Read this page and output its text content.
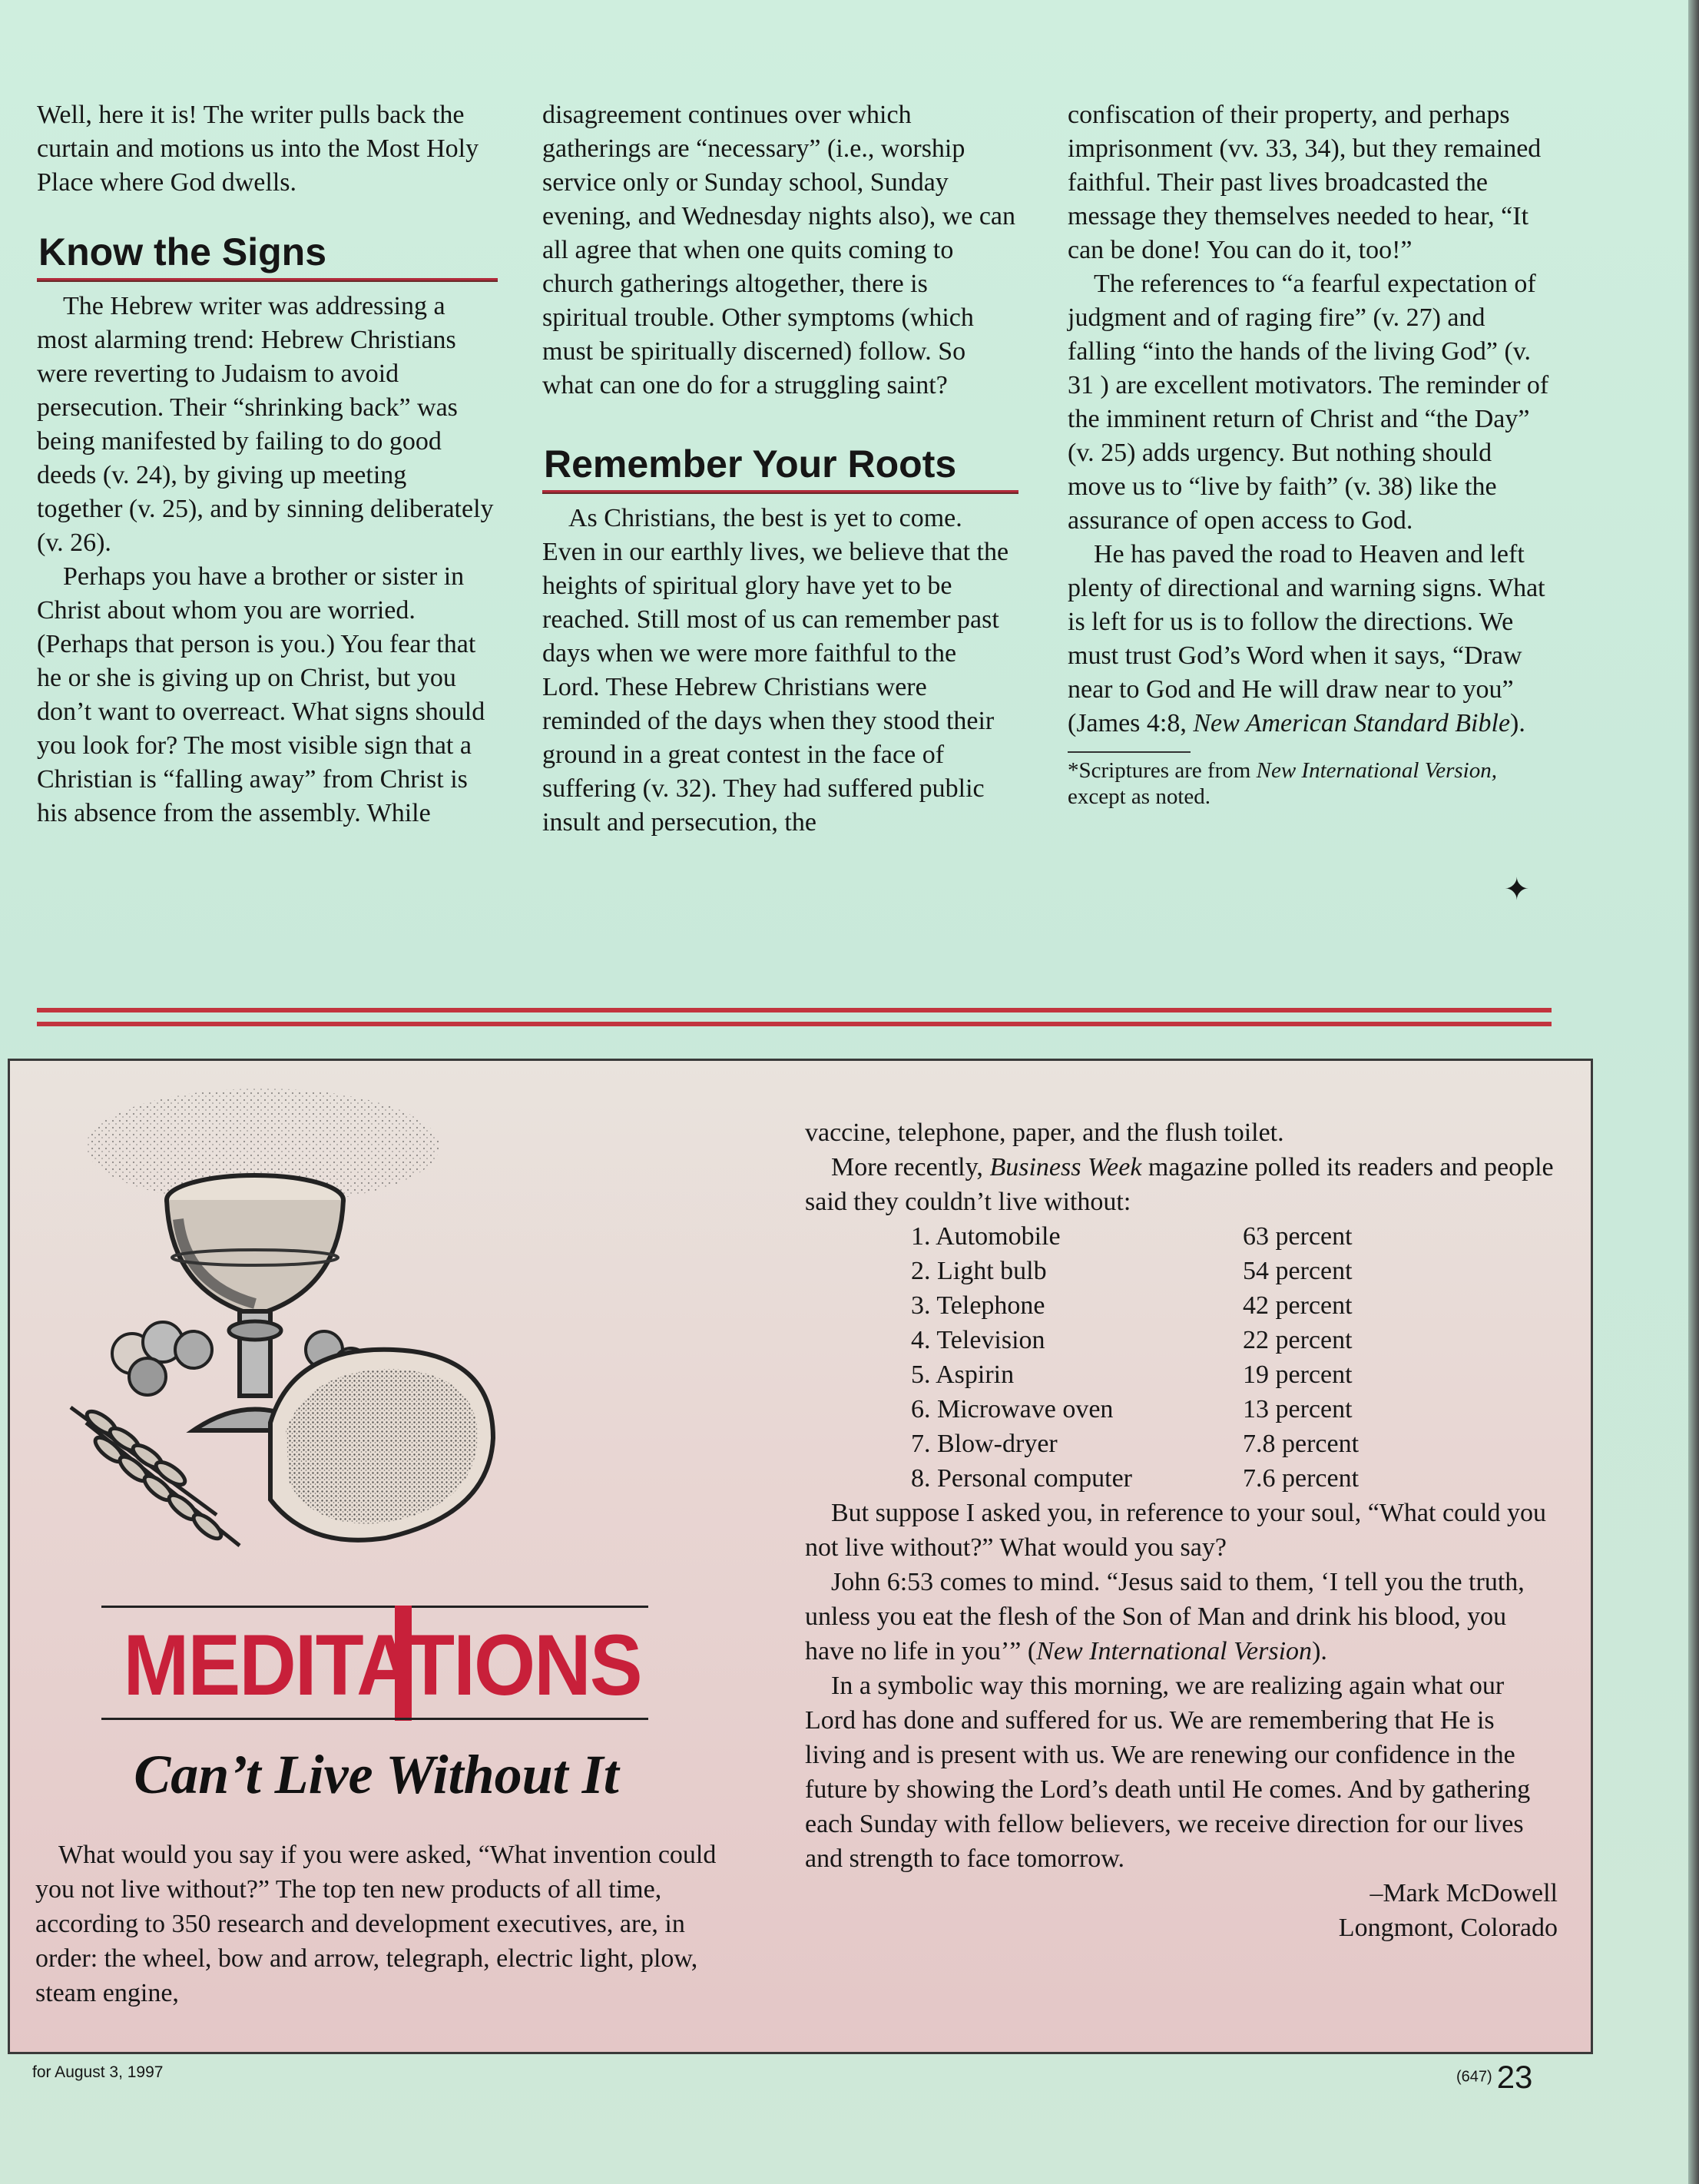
Well, here it is! The writer pulls back the curtain and motions us into the Most Holy Place where God dwells.

Know the Signs

The Hebrew writer was addressing a most alarming trend: Hebrew Christians were reverting to Judaism to avoid persecution. Their “shrinking back” was being manifested by failing to do good deeds (v. 24), by giving up meeting together (v. 25), and by sinning deliberately (v. 26).

Perhaps you have a brother or sister in Christ about whom you are worried. (Perhaps that person is you.) You fear that he or she is giving up on Christ, but you don’t want to overreact. What signs should you look for? The most visible sign that a Christian is “falling away” from Christ is his absence from the assembly. While

disagreement continues over which gatherings are “necessary” (i.e., worship service only or Sunday school, Sunday evening, and Wednesday nights also), we can all agree that when one quits coming to church gatherings altogether, there is spiritual trouble. Other symptoms (which must be spiritually discerned) follow. So what can one do for a struggling saint?

Remember Your Roots

As Christians, the best is yet to come. Even in our earthly lives, we believe that the heights of spiritual glory have yet to be reached. Still most of us can remember past days when we were more faithful to the Lord. These Hebrew Christians were reminded of the days when they stood their ground in a great contest in the face of suffering (v. 32). They had suffered public insult and persecution, the

confiscation of their property, and perhaps imprisonment (vv. 33, 34), but they remained faithful. Their past lives broadcasted the message they themselves needed to hear, “It can be done! You can do it, too!”

The references to “a fearful expectation of judgment and of raging fire” (v. 27) and falling “into the hands of the living God” (v. 31 ) are excellent motivators. The reminder of the imminent return of Christ and “the Day” (v. 25) adds urgency. But nothing should move us to “live by faith” (v. 38) like the assurance of open access to God.

He has paved the road to Heaven and left plenty of directional and warning signs. What is left for us is to follow the directions. We must trust God’s Word when it says, “Draw near to God and He will draw near to you” (James 4:8, New American Standard Bible).

*Scriptures are from New International Version, except as noted.
✦
MEDITATIONS
Can’t Live Without It

What would you say if you were asked, “What invention could you not live without?” The top ten new products of all time, according to 350 research and development executives, are, in order: the wheel, bow and arrow, telegraph, electric light, plow, steam engine,

vaccine, telephone, paper, and the flush toilet.

More recently, Business Week magazine polled its readers and people said they couldn’t live without:

1. Automobile	63 percent
2. Light bulb	54 percent
3. Telephone	42 percent
4. Television	22 percent
5. Aspirin	19 percent
6. Microwave oven	13 percent
7. Blow-dryer	7.8 percent
8. Personal computer	7.6 percent

But suppose I asked you, in reference to your soul, “What could you not live without?” What would you say?

John 6:53 comes to mind. “Jesus said to them, ‘I tell you the truth, unless you eat the flesh of the Son of Man and drink his blood, you have no life in you’” (New International Version).

In a symbolic way this morning, we are realizing again what our Lord has done and suffered for us. We are remembering that He is living and is present with us. We are renewing our confidence in the future by showing the Lord’s death until He comes. And by gathering each Sunday with fellow believers, we receive direction for our lives and strength to face tomorrow.

–Mark McDowell

Longmont, Colorado

for August 3, 1997	(647) 23
